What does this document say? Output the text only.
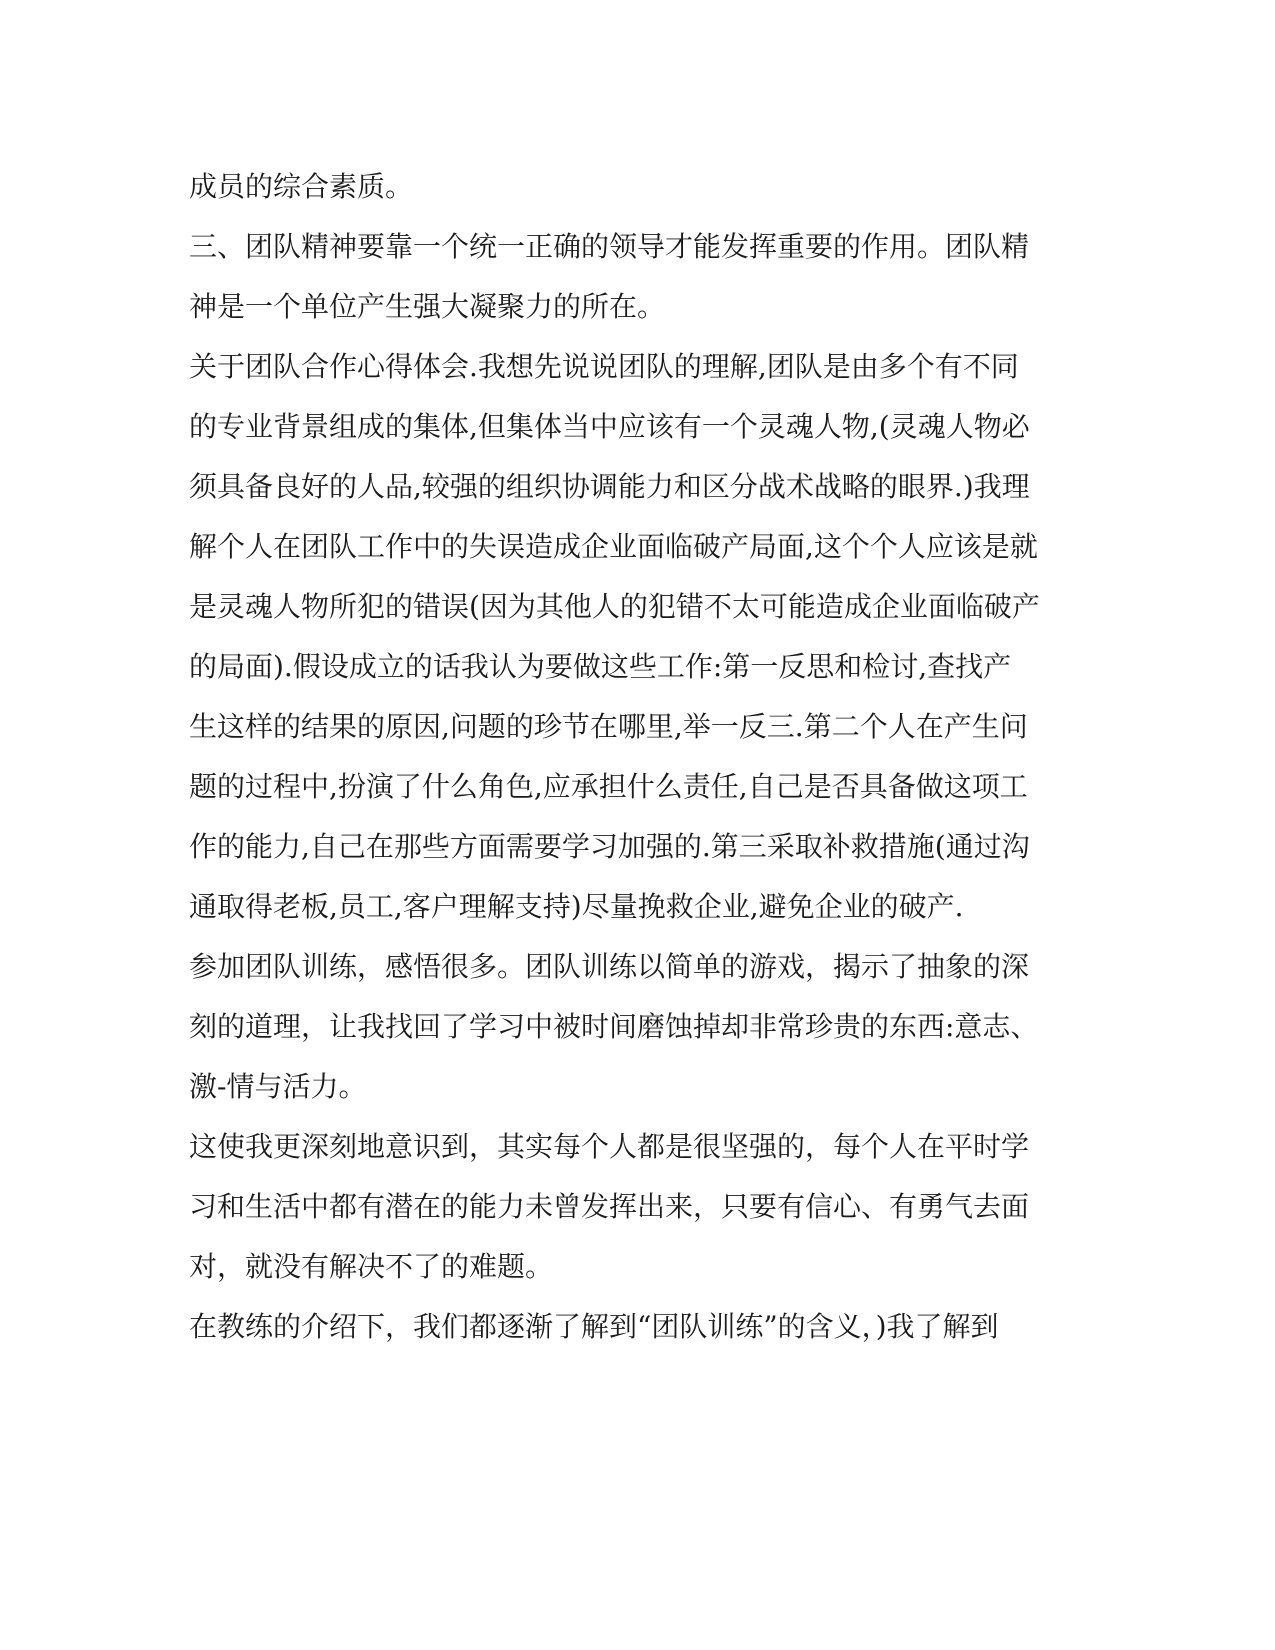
成员的综合素质。
三、团队精神要靠一个统一正确的领导才能发挥重要的作用。团队精
神是一个单位产生强大凝聚力的所在。
关于团队合作心得体会.我想先说说团队的理解,团队是由多个有不同
的专业背景组成的集体,但集体当中应该有一个灵魂人物,(灵魂人物必
须具备良好的人品,较强的组织协调能力和区分战术战略的眼界.)我理
解个人在团队工作中的失误造成企业面临破产局面,这个个人应该是就
是灵魂人物所犯的错误(因为其他人的犯错不太可能造成企业面临破产
的局面).假设成立的话我认为要做这些工作:第一反思和检讨,查找产
生这样的结果的原因,问题的珍节在哪里,举一反三.第二个人在产生问
题的过程中,扮演了什么角色,应承担什么责任,自己是否具备做这项工
作的能力,自己在那些方面需要学习加强的.第三采取补救措施(通过沟
通取得老板,员工,客户理解支持)尽量挽救企业,避免企业的破产.
参加团队训练，感悟很多。团队训练以简单的游戏，揭示了抽象的深
刻的道理，让我找回了学习中被时间磨蚀掉却非常珍贵的东西:意志、
激-情与活力。
这使我更深刻地意识到，其实每个人都是很坚强的，每个人在平时学
习和生活中都有潜在的能力未曾发挥出来，只要有信心、有勇气去面
对，就没有解决不了的难题。
在教练的介绍下，我们都逐渐了解到“团队训练”的含义，)我了解到
